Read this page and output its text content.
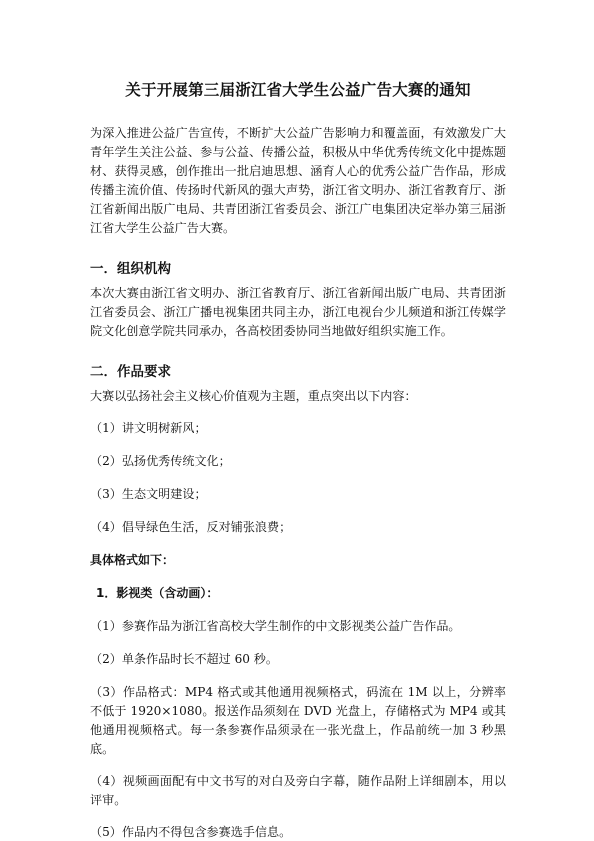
关于开展第三届浙江省大学生公益广告大赛的通知

为深入推进公益广告宣传，不断扩大公益广告影响力和覆盖面，有效激发广大青年学生关注公益、参与公益、传播公益，积极从中华优秀传统文化中提炼题材、获得灵感，创作推出一批启迪思想、涵育人心的优秀公益广告作品，形成传播主流价值、传扬时代新风的强大声势，浙江省文明办、浙江省教育厅、浙江省新闻出版广电局、共青团浙江省委员会、浙江广电集团决定举办第三届浙江省大学生公益广告大赛。

一．组织机构

本次大赛由浙江省文明办、浙江省教育厅、浙江省新闻出版广电局、共青团浙江省委员会、浙江广播电视集团共同主办，浙江电视台少儿频道和浙江传媒学院文化创意学院共同承办，各高校团委协同当地做好组织实施工作。

二．作品要求

大赛以弘扬社会主义核心价值观为主题，重点突出以下内容：

（1）讲文明树新风；

（2）弘扬优秀传统文化；

（3）生态文明建设；

（4）倡导绿色生活，反对铺张浪费；

具体格式如下：

1．影视类（含动画）：

（1）参赛作品为浙江省高校大学生制作的中文影视类公益广告作品。

（2）单条作品时长不超过 60 秒。

（3）作品格式：MP4 格式或其他通用视频格式，码流在 1M 以上，分辨率不低于 1920×1080。报送作品须刻在 DVD 光盘上，存储格式为 MP4 或其他通用视频格式。每一条参赛作品须录在一张光盘上，作品前统一加 3 秒黑底。

（4）视频画面配有中文书写的对白及旁白字幕，随作品附上详细剧本，用以评审。

（5）作品内不得包含参赛选手信息。
